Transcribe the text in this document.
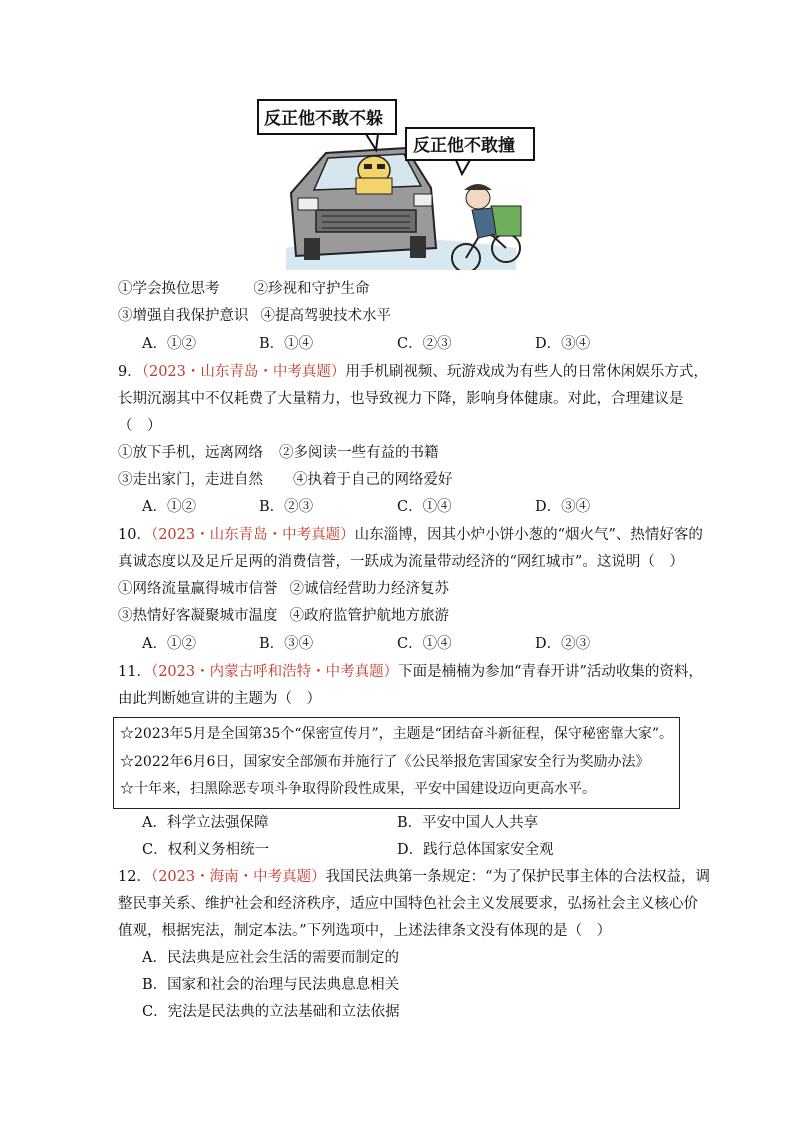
反正他不敢不躲
反正他不敢撞
①学会换位思考 ②珍视和守护生命
③增强自我保护意识 ④提高驾驶技术水平
A．①②	B．①④	C．②③	D．③④
9．（2023・山东青岛・中考真题）用手机刷视频、玩游戏成为有些人的日常休闲娱乐方式，
长期沉溺其中不仅耗费了大量精力，也导致视力下降，影响身体健康。对此，合理建议是
（　）
①放下手机，远离网络 ②多阅读一些有益的书籍
③走出家门，走进自然 ④执着于自己的网络爱好
A．①②	B．②③	C．①④	D．③④
10．（2023・山东青岛・中考真题）山东淄博，因其小炉小饼小葱的“烟火气”、热情好客的
真诚态度以及足斤足两的消费信誉，一跃成为流量带动经济的“网红城市”。这说明（　）
①网络流量赢得城市信誉 ②诚信经营助力经济复苏
③热情好客凝聚城市温度 ④政府监管护航地方旅游
A．①②	B．③④	C．①④	D．②③
11．（2023・内蒙古呼和浩特・中考真题）下面是楠楠为参加“青春开讲”活动收集的资料，
由此判断她宣讲的主题为（　）
☆2023年5月是全国第35个“保密宣传月”，主题是“团结奋斗新征程，保守秘密靠大家”。
☆2022年6月6日，国家安全部颁布并施行了《公民举报危害国家安全行为奖励办法》
☆十年来，扫黑除恶专项斗争取得阶段性成果，平安中国建设迈向更高水平。
A．科学立法强保障	B．平安中国人人共享
C．权利义务相统一	D．践行总体国家安全观
12．（2023・海南・中考真题）我国民法典第一条规定：“为了保护民事主体的合法权益，调
整民事关系、维护社会和经济秩序，适应中国特色社会主义发展要求，弘扬社会主义核心价
值观，根据宪法，制定本法。”下列选项中，上述法律条文没有体现的是（　）
A．民法典是应社会生活的需要而制定的
B．国家和社会的治理与民法典息息相关
C．宪法是民法典的立法基础和立法依据
